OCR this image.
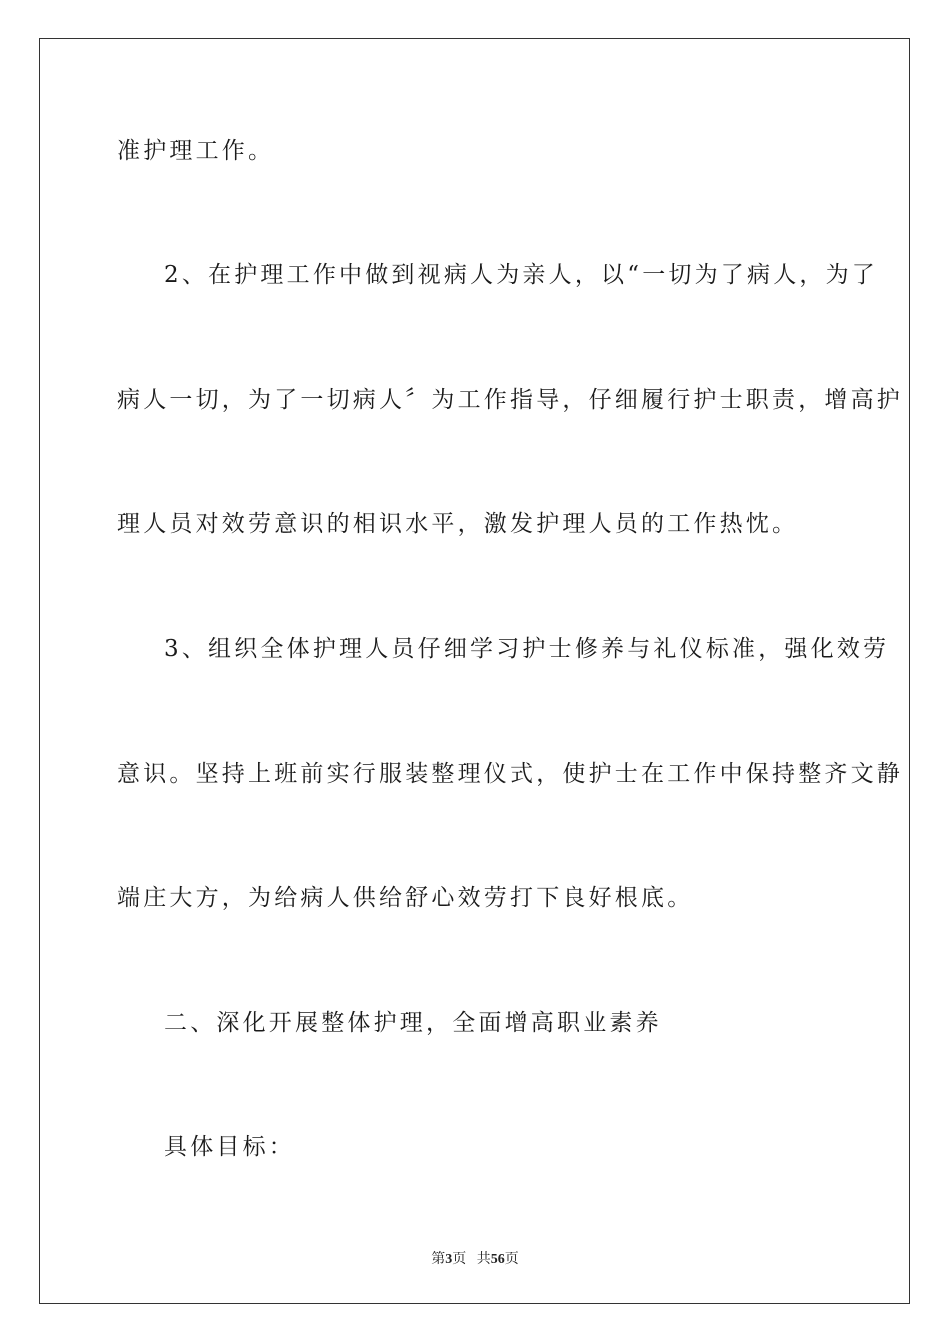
准护理工作。
2、在护理工作中做到视病人为亲人，以“一切为了病人，为了
病人一切，为了一切病人〞为工作指导，仔细履行护士职责，增高护
理人员对效劳意识的相识水平，激发护理人员的工作热忱。
3、组织全体护理人员仔细学习护士修养与礼仪标准，强化效劳
意识。坚持上班前实行服装整理仪式，使护士在工作中保持整齐文静
端庄大方，为给病人供给舒心效劳打下良好根底。
二、深化开展整体护理，全面增高职业素养
具体目标：
第3页 共56页
